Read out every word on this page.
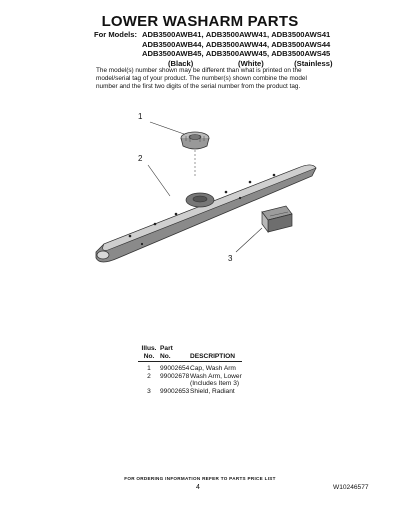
LOWER WASHARM PARTS
For Models: ADB3500AWB41,
ADB3500AWW41,
ADB3500AWS41
ADB3500AWB44,
ADB3500AWW44,
ADB3500AWS44
ADB3500AWB45,
ADB3500AWW45,
ADB3500AWS45
(Black)	(White)	(Stainless)
The model(s) number shown may be different than what is printed on the model/serial tag of your product. The number(s) shown combine the model number and the first two digits of the serial number from the product tag.
1
2
3
Illus.	Part	
No.	No.	DESCRIPTION
1	99002654	Cap, Wash Arm
2	99002678	Wash Arm, Lower
		(Includes Item 3)
3	99002653	Shield, Radiant
FOR ORDERING INFORMATION REFER TO PARTS PRICE LIST
4	W10246577
